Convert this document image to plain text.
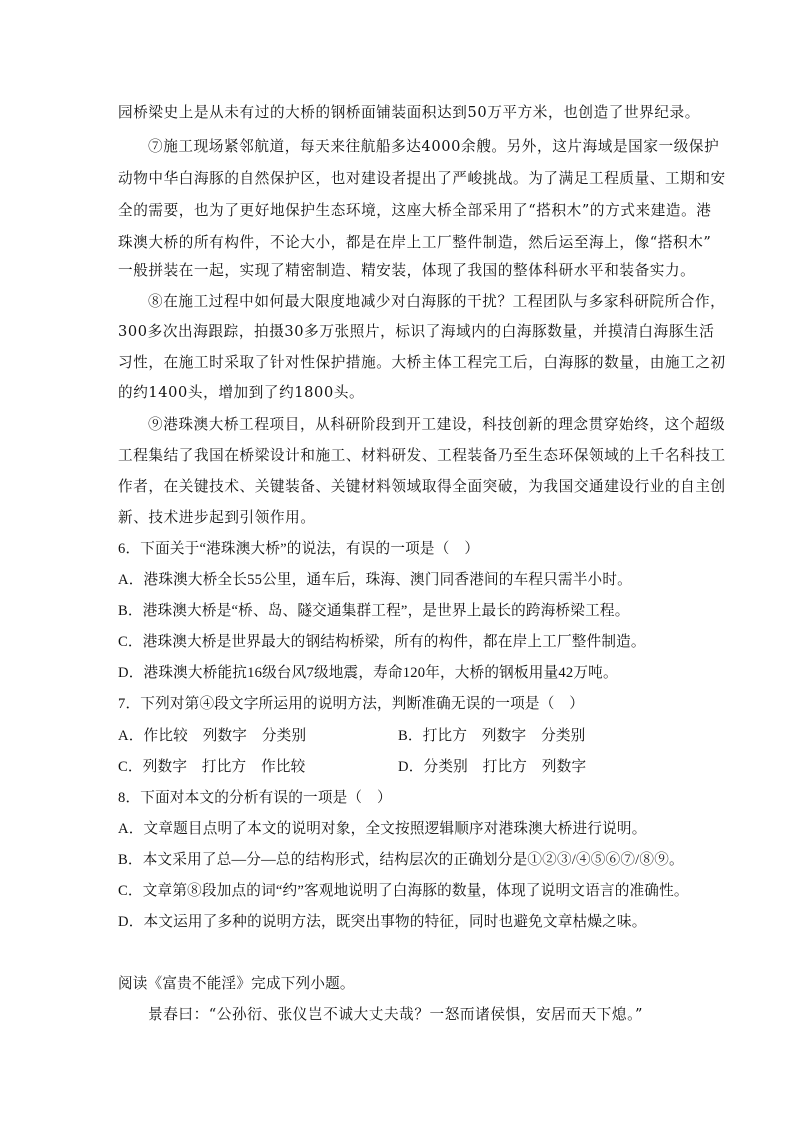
园桥梁史上是从未有过的大桥的钢桥面铺装面积达到50万平方米，也创造了世界纪录。
⑦施工现场紧邻航道，每天来往航船多达4000余艘。另外，这片海域是国家一级保护
动物中华白海豚的自然保护区，也对建设者提出了严峻挑战。为了满足工程质量、工期和安
全的需要，也为了更好地保护生态环境，这座大桥全部采用了“搭积木”的方式来建造。港
珠澳大桥的所有构件，不论大小，都是在岸上工厂整件制造，然后运至海上，像“搭积木”
一般拼装在一起，实现了精密制造、精安装，体现了我国的整体科研水平和装备实力。
⑧在施工过程中如何最大限度地减少对白海豚的干扰？工程团队与多家科研院所合作，
300多次出海跟踪，拍摄30多万张照片，标识了海域内的白海豚数量，并摸清白海豚生活
习性，在施工时采取了针对性保护措施。大桥主体工程完工后，白海豚的数量，由施工之初
的约1400头，增加到了约1800头。
⑨港珠澳大桥工程项目，从科研阶段到开工建设，科技创新的理念贯穿始终，这个超级
工程集结了我国在桥梁设计和施工、材料研发、工程装备乃至生态环保领域的上千名科技工
作者，在关键技术、关键装备、关键材料领域取得全面突破，为我国交通建设行业的自主创
新、技术进步起到引领作用。
6．下面关于“港珠澳大桥”的说法，有误的一项是（　）
A．港珠澳大桥全长55公里，通车后，珠海、澳门同香港间的车程只需半小时。
B．港珠澳大桥是“桥、岛、隧交通集群工程”，是世界上最长的跨海桥梁工程。
C．港珠澳大桥是世界最大的钢结构桥梁，所有的构件，都在岸上工厂整件制造。
D．港珠澳大桥能抗16级台风7级地震，寿命120年，大桥的钢板用量42万吨。
7．下列对第④段文字所运用的说明方法，判断准确无误的一项是（　）
A．作比较　列数字　分类别	B．打比方　列数字　分类别
C．列数字　打比方　作比较	D．分类别　打比方　列数字
8．下面对本文的分析有误的一项是（　）
A．文章题目点明了本文的说明对象，全文按照逻辑顺序对港珠澳大桥进行说明。
B．本文采用了总—分—总的结构形式，结构层次的正确划分是①②③/④⑤⑥⑦/⑧⑨。
C．文章第⑧段加点的词“约”客观地说明了白海豚的数量，体现了说明文语言的准确性。
D．本文运用了多种的说明方法，既突出事物的特征，同时也避免文章枯燥之味。
阅读《富贵不能淫》完成下列小题。
景春曰：“公孙衍、张仪岂不诚大丈夫哉？一怒而诸侯惧，安居而天下熄。”
